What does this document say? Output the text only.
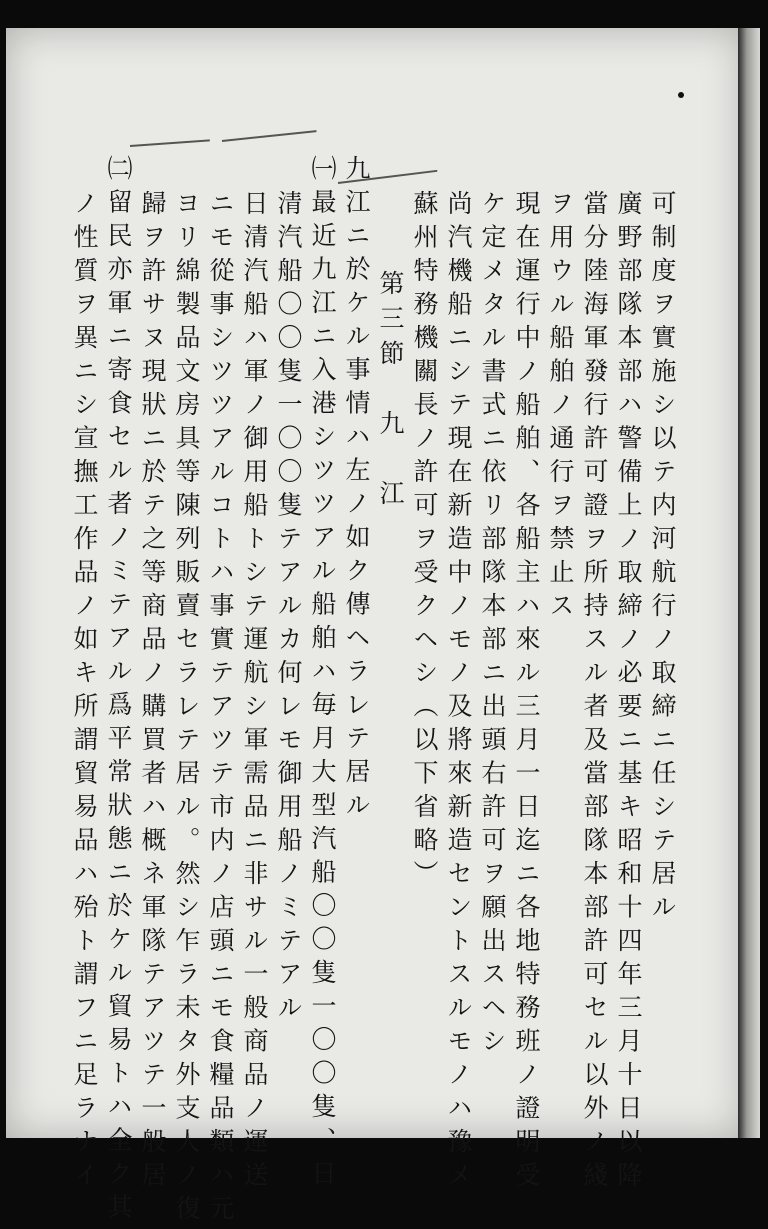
可制度ヲ實施シ以テ内河航行ノ取締ニ任シテ居ル
廣野部隊本部ハ警備上ノ取締ノ必要ニ基キ昭和十四年三月十日以降
當分陸海軍發行許可證ヲ所持スル者及當部隊本部許可セル以外ノ綫
ヲ用ウル船舶ノ通行ヲ禁止ス
現在運行中ノ船舶、各船主ハ來ル三月一日迄ニ各地特務班ノ證明受
ケ定メタル書式ニ依リ部隊本部ニ出頭右許可ヲ願出スヘシ
尚汽機船ニシテ現在新造中ノモノ及將來新造セントスルモノハ豫メ
蘇州特務機關長ノ許可ヲ受クヘシ（以下省略）
第三節　九　江
九江ニ於ケル事情ハ左ノ如ク傳ヘラレテ居ル
㈠最近九江ニ入港シツツアル船舶ハ毎月大型汽船〇〇隻一〇〇隻、日
清汽船〇〇隻一〇〇隻テアルカ何レモ御用船ノミテアル
日清汽船ハ軍ノ御用船トシテ運航シ軍需品ニ非サル一般商品ノ運送
ニモ從事シツツアルコトハ事實テアツテ市内ノ店頭ニモ食糧品類ハ元
ヨリ綿製品文房具等陳列販賣セラレテ居ル。然シ乍ラ未タ外支人ノ復
歸ヲ許サヌ現狀ニ於テ之等商品ノ購買者ハ概ネ軍隊テアツテ一般居
㈡留民亦軍ニ寄食セル者ノミテアル爲平常狀態ニ於ケル貿易トハ全ク其
ノ性質ヲ異ニシ宣撫工作品ノ如キ所謂貿易品ハ殆ト謂フニ足ラナイ
